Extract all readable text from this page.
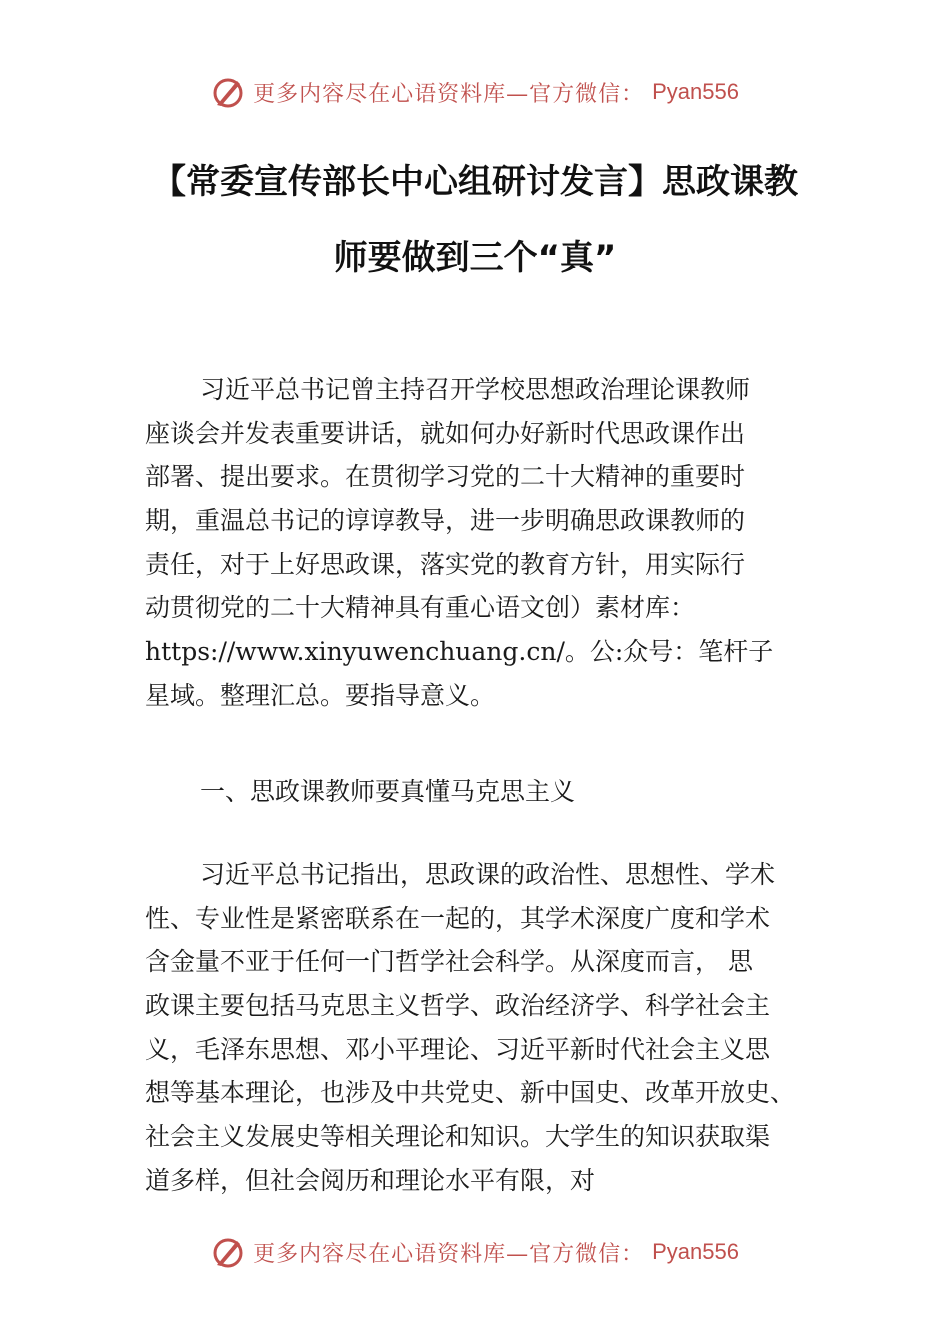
更多内容尽在心语资料库—官方微信： Pyan556
【常委宣传部长中心组研讨发言】思政课教
师要做到三个“真”
习近平总书记曾主持召开学校思想政治理论课教师
座谈会并发表重要讲话，就如何办好新时代思政课作出
部署、提出要求。在贯彻学习党的二十大精神的重要时
期，重温总书记的谆谆教导，进一步明确思政课教师的
责任，对于上好思政课，落实党的教育方针，用实际行
动贯彻党的二十大精神具有重心语文创）素材库：
https://www.xinyuwenchuang.cn/。公:众号：笔杆子
星域。整理汇总。要指导意义。
一、思政课教师要真懂马克思主义
习近平总书记指出，思政课的政治性、思想性、学术
性、专业性是紧密联系在一起的，其学术深度广度和学术
含金量不亚于任何一门哲学社会科学。从深度而言， 思
政课主要包括马克思主义哲学、政治经济学、科学社会主
义，毛泽东思想、邓小平理论、习近平新时代社会主义思
想等基本理论，也涉及中共党史、新中国史、改革开放史、
社会主义发展史等相关理论和知识。大学生的知识获取渠
道多样，但社会阅历和理论水平有限，对
更多内容尽在心语资料库—官方微信： Pyan556
